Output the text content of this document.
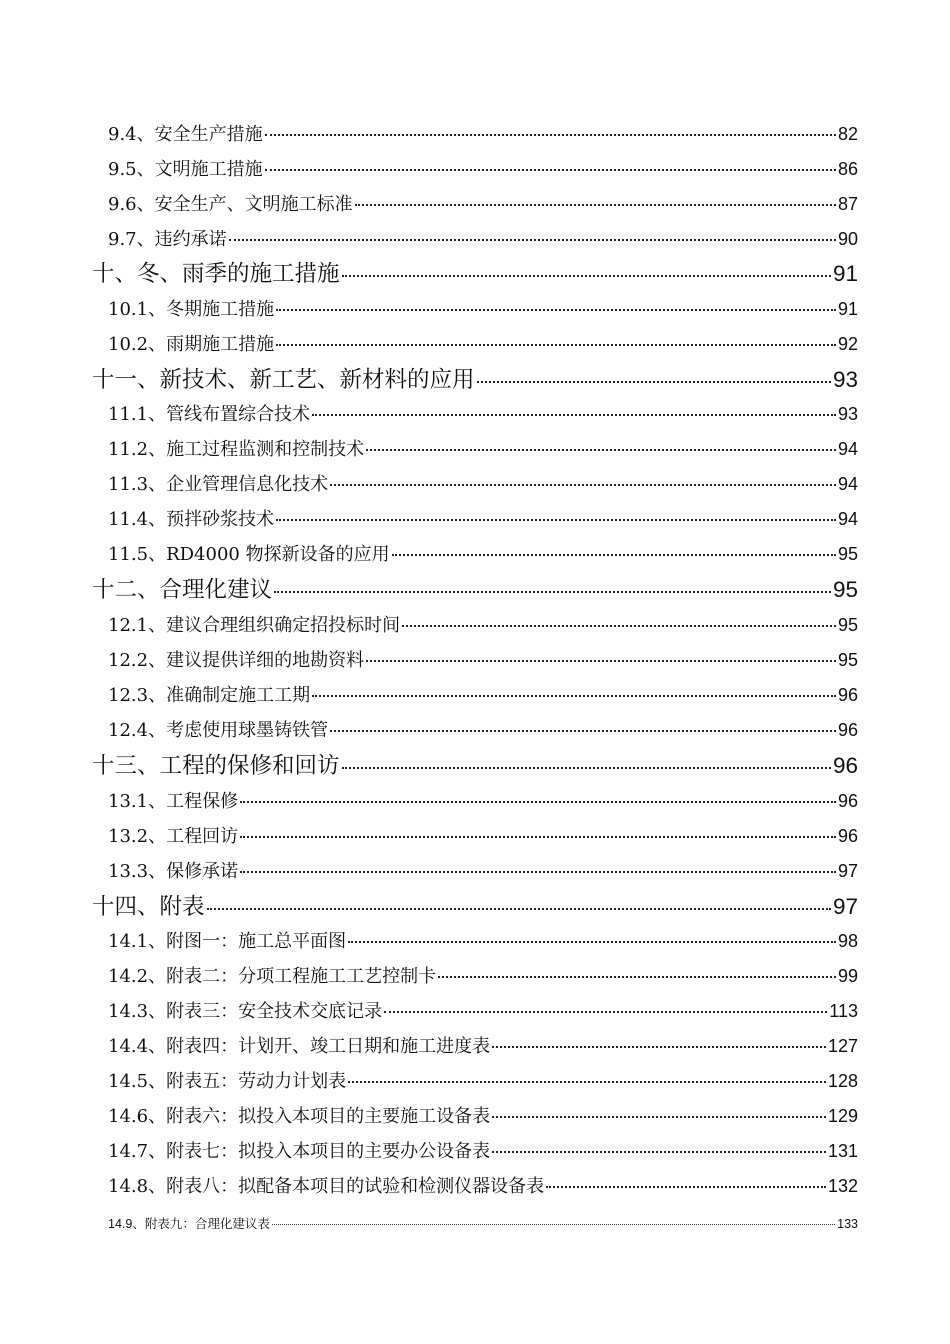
9.4、安全生产措施	82
9.5、文明施工措施	86
9.6、安全生产、文明施工标准	87
9.7、违约承诺	90
十、冬、雨季的施工措施	91
10.1、冬期施工措施	91
10.2、雨期施工措施	92
十一、新技术、新工艺、新材料的应用	93
11.1、管线布置综合技术	93
11.2、施工过程监测和控制技术	94
11.3、企业管理信息化技术	94
11.4、预拌砂浆技术	94
11.5、RD4000 物探新设备的应用	95
十二、合理化建议	95
12.1、建议合理组织确定招投标时间	95
12.2、建议提供详细的地勘资料	95
12.3、准确制定施工工期	96
12.4、考虑使用球墨铸铁管	96
十三、工程的保修和回访	96
13.1、工程保修	96
13.2、工程回访	96
13.3、保修承诺	97
十四、附表	97
14.1、附图一：施工总平面图	98
14.2、附表二：分项工程施工工艺控制卡	99
14.3、附表三：安全技术交底记录	113
14.4、附表四：计划开、竣工日期和施工进度表	127
14.5、附表五：劳动力计划表	128
14.6、附表六：拟投入本项目的主要施工设备表	129
14.7、附表七：拟投入本项目的主要办公设备表	131
14.8、附表八：拟配备本项目的试验和检测仪器设备表	132
14.9、附表九：合理化建议表	133
